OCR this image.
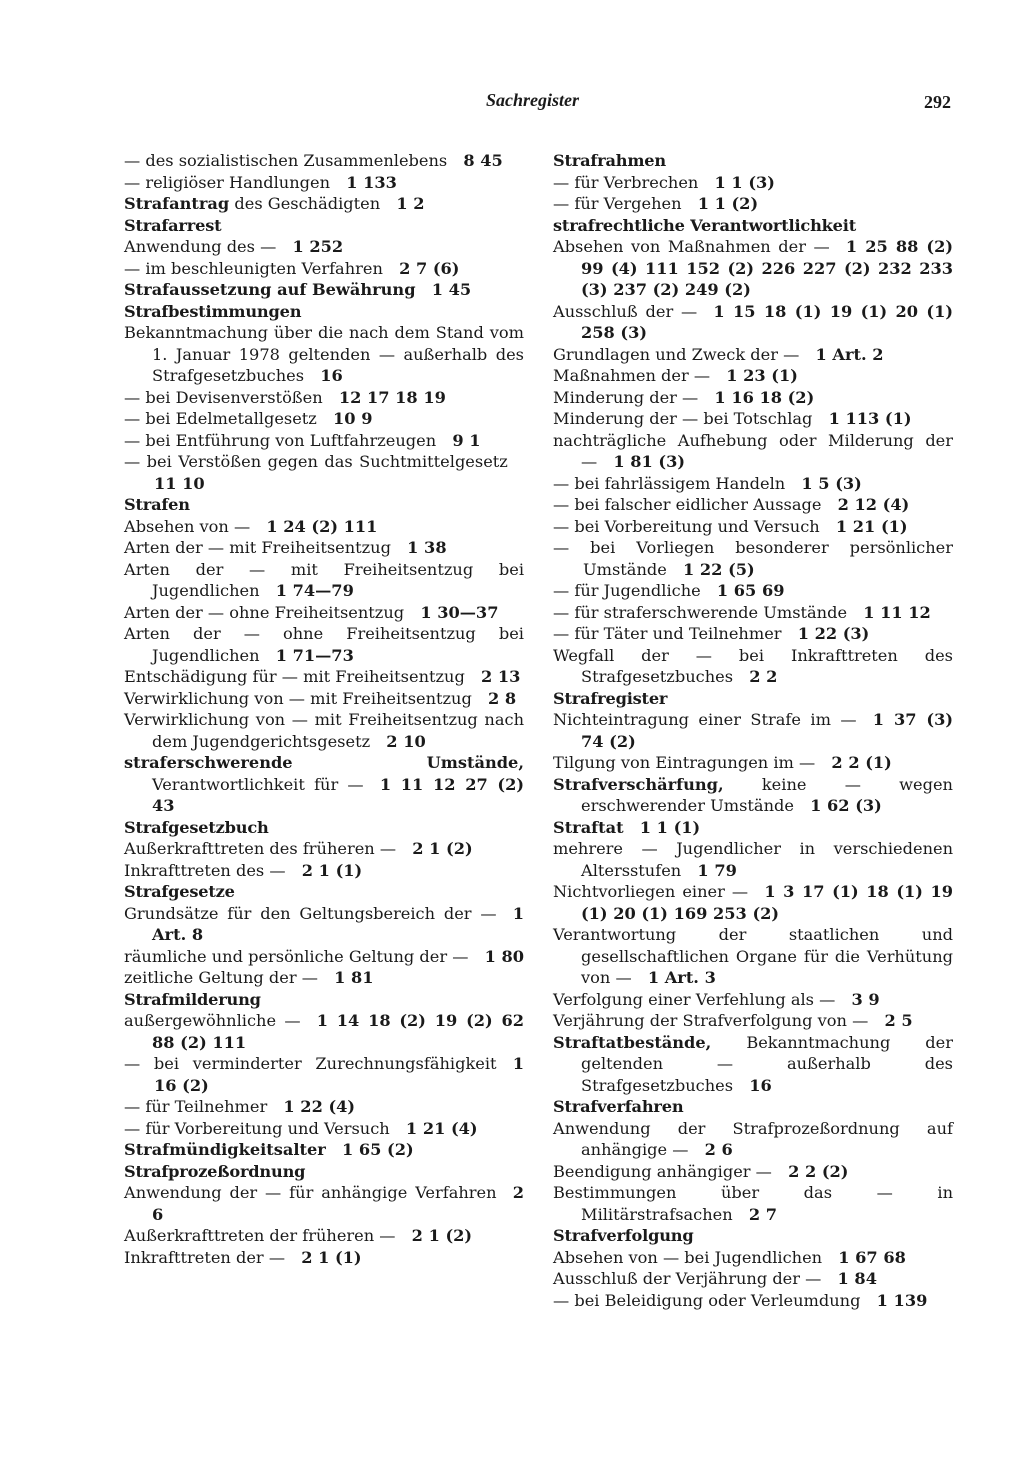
Sachregister	292
— des sozialistischen Zusammenlebens  8 45
— religiöser Handlungen  1 133
Strafantrag des Geschädigten  1 2
Strafarrest
Anwendung des —  1 252
— im beschleunigten Verfahren  2 7 (6)
Strafaussetzung auf Bewährung  1 45
Strafbestimmungen
Bekanntmachung über die nach dem Stand vom 1. Januar 1978 geltenden — außerhalb des Strafgesetzbuches  16
— bei Devisenverstößen  12 17 18 19
— bei Edelmetallgesetz  10 9
— bei Entführung von Luftfahrzeugen  9 1
— bei Verstößen gegen das Suchtmittelgesetz 11 10
Strafen
Absehen von —  1 24 (2) 111
Arten der — mit Freiheitsentzug  1 38
Arten der — mit Freiheitsentzug bei Jugendlichen  1 74—79
Arten der — ohne Freiheitsentzug  1 30—37
Arten der — ohne Freiheitsentzug bei Jugendlichen  1 71—73
Entschädigung für — mit Freiheitsentzug  2 13
Verwirklichung von — mit Freiheitsentzug  2 8
Verwirklichung von — mit Freiheitsentzug nach dem Jugendgerichtsgesetz  2 10
straferschwerende Umstände, Verantwortlichkeit für —  1 11 12 27 (2) 43
Strafgesetzbuch
Außerkrafttreten des früheren —  2 1 (2)
Inkrafttreten des —  2 1 (1)
Strafgesetze
Grundsätze für den Geltungsbereich der —  1 Art. 8
räumliche und persönliche Geltung der —  1 80
zeitliche Geltung der —  1 81
Strafmilderung
außergewöhnliche —  1 14 18 (2) 19 (2) 62 88 (2) 111
— bei verminderter Zurechnungsfähigkeit  1 16 (2)
— für Teilnehmer  1 22 (4)
— für Vorbereitung und Versuch  1 21 (4)
Strafmündigkeitsalter  1 65 (2)
Strafprozeßordnung
Anwendung der — für anhängige Verfahren  2 6
Außerkrafttreten der früheren —  2 1 (2)
Inkrafttreten der —  2 1 (1)
Strafrahmen
— für Verbrechen  1 1 (3)
— für Vergehen  1 1 (2)
strafrechtliche Verantwortlichkeit
Absehen von Maßnahmen der —  1 25 88 (2) 99 (4) 111 152 (2) 226 227 (2) 232 233 (3) 237 (2) 249 (2)
Ausschluß der —  1 15 18 (1) 19 (1) 20 (1) 258 (3)
Grundlagen und Zweck der —  1 Art. 2
Maßnahmen der —  1 23 (1)
Minderung der —  1 16 18 (2)
Minderung der — bei Totschlag  1 113 (1)
nachträgliche Aufhebung oder Milderung der —  1 81 (3)
— bei fahrlässigem Handeln  1 5 (3)
— bei falscher eidlicher Aussage  2 12 (4)
— bei Vorbereitung und Versuch  1 21 (1)
— bei Vorliegen besonderer persönlicher Umstände  1 22 (5)
— für Jugendliche  1 65 69
— für straferschwerende Umstände  1 11 12
— für Täter und Teilnehmer  1 22 (3)
Wegfall der — bei Inkrafttreten des Strafgesetzbuches  2 2
Strafregister
Nichteintragung einer Strafe im —  1 37 (3) 74 (2)
Tilgung von Eintragungen im —  2 2 (1)
Strafverschärfung, keine — wegen erschwerender Umstände  1 62 (3)
Straftat  1 1 (1)
mehrere — Jugendlicher in verschiedenen Altersstufen  1 79
Nichtvorliegen einer —  1 3 17 (1) 18 (1) 19 (1) 20 (1) 169 253 (2)
Verantwortung der staatlichen und gesellschaftlichen Organe für die Verhütung von —  1 Art. 3
Verfolgung einer Verfehlung als —  3 9
Verjährung der Strafverfolgung von —  2 5
Straftatbestände, Bekanntmachung der geltenden — außerhalb des Strafgesetzbuches  16
Strafverfahren
Anwendung der Strafprozeßordnung auf anhängige —  2 6
Beendigung anhängiger —  2 2 (2)
Bestimmungen über das — in Militärstrafsachen  2 7
Strafverfolgung
Absehen von — bei Jugendlichen  1 67 68
Ausschluß der Verjährung der —  1 84
— bei Beleidigung oder Verleumdung  1 139
